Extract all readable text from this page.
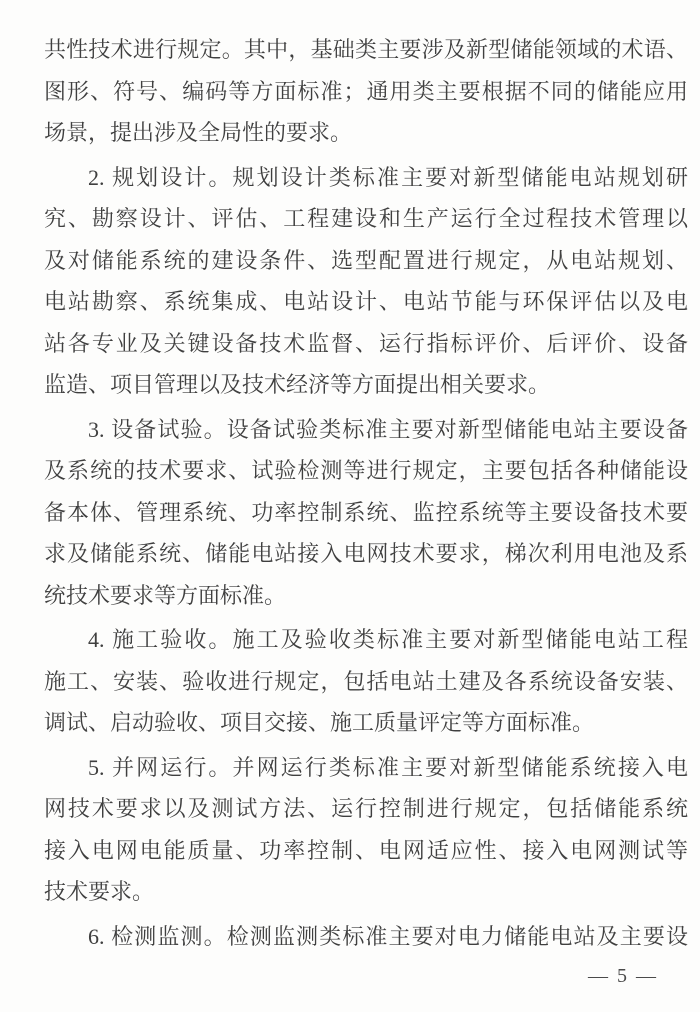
共性技术进行规定。其中，基础类主要涉及新型储能领域的术语、
图形、符号、编码等方面标准；通用类主要根据不同的储能应用
场景，提出涉及全局性的要求。
2. 规划设计。规划设计类标准主要对新型储能电站规划研
究、勘察设计、评估、工程建设和生产运行全过程技术管理以
及对储能系统的建设条件、选型配置进行规定，从电站规划、
电站勘察、系统集成、电站设计、电站节能与环保评估以及电
站各专业及关键设备技术监督、运行指标评价、后评价、设备
监造、项目管理以及技术经济等方面提出相关要求。
3. 设备试验。设备试验类标准主要对新型储能电站主要设备
及系统的技术要求、试验检测等进行规定，主要包括各种储能设
备本体、管理系统、功率控制系统、监控系统等主要设备技术要
求及储能系统、储能电站接入电网技术要求，梯次利用电池及系
统技术要求等方面标准。
4. 施工验收。施工及验收类标准主要对新型储能电站工程
施工、安装、验收进行规定，包括电站土建及各系统设备安装、
调试、启动验收、项目交接、施工质量评定等方面标准。
5. 并网运行。并网运行类标准主要对新型储能系统接入电
网技术要求以及测试方法、运行控制进行规定，包括储能系统
接入电网电能质量、功率控制、电网适应性、接入电网测试等
技术要求。
6. 检测监测。检测监测类标准主要对电力储能电站及主要设
— 5 —
